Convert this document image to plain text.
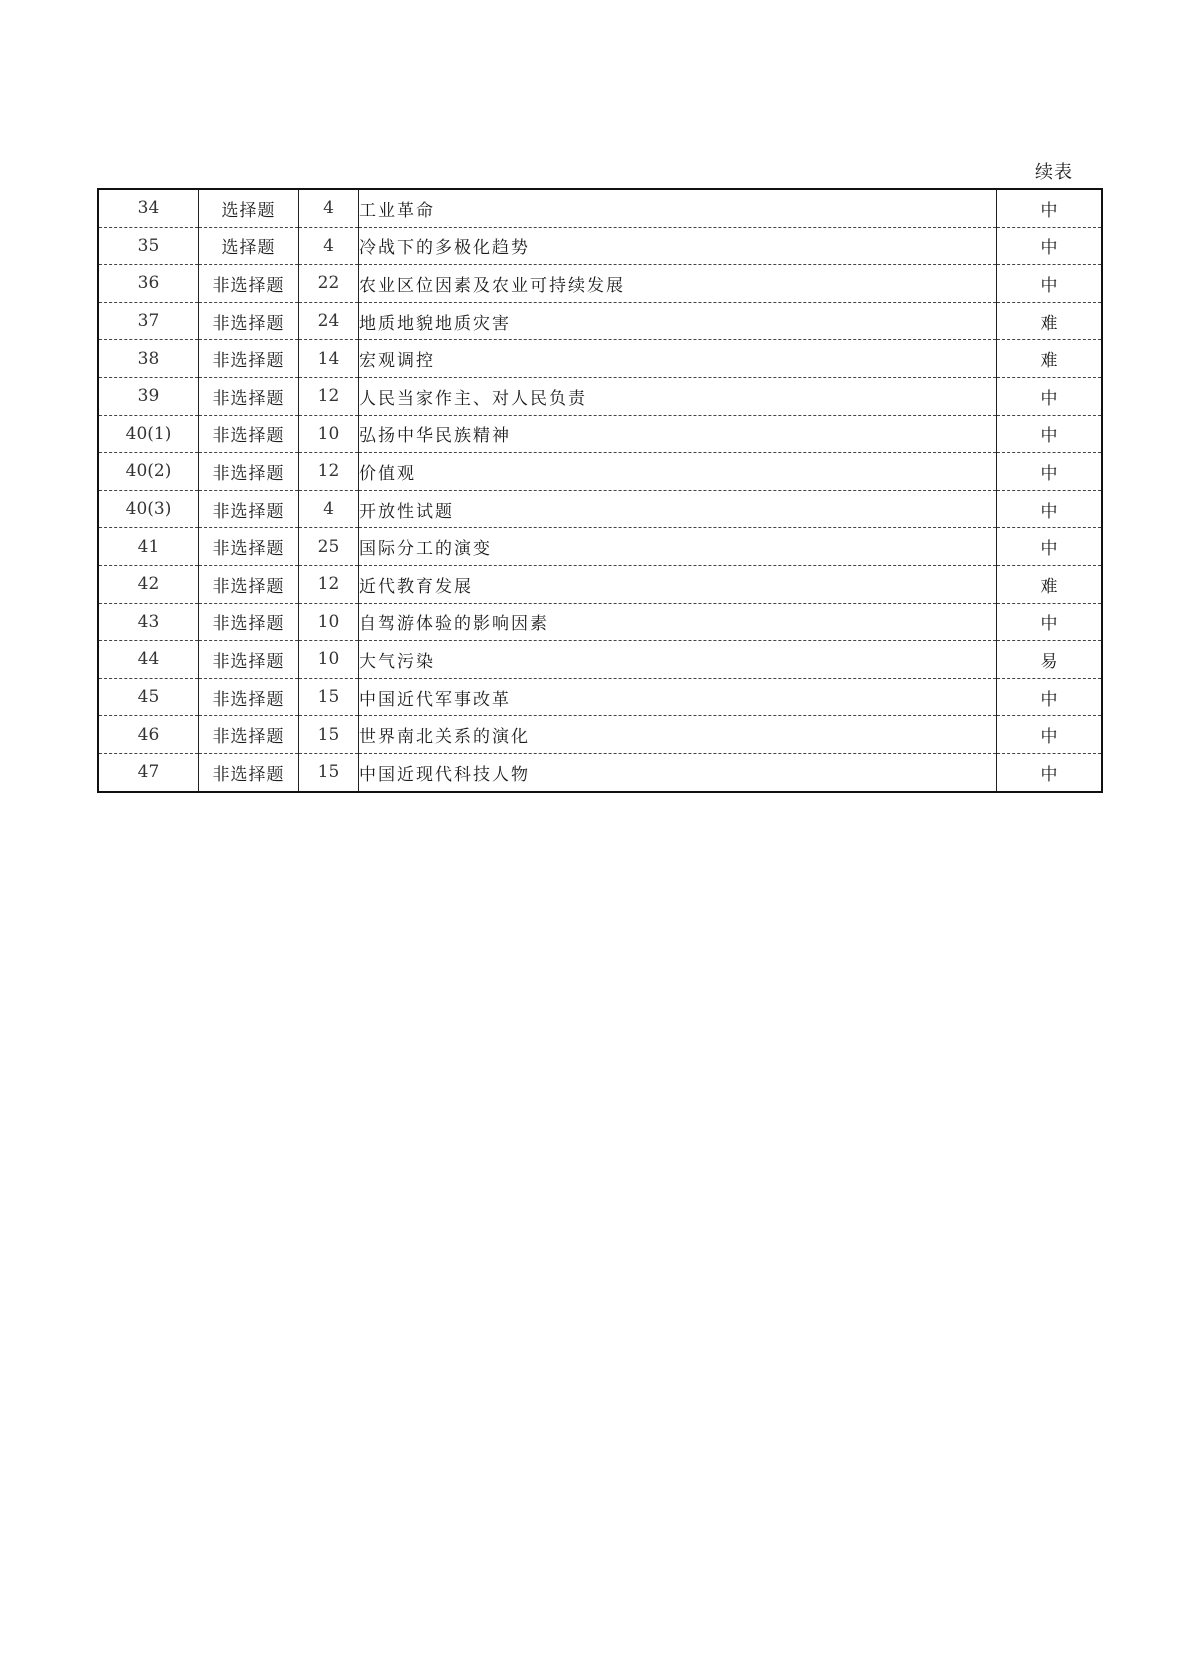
续表
34	选择题	4	工业革命	中
35	选择题	4	冷战下的多极化趋势	中
36	非选择题	22	农业区位因素及农业可持续发展	中
37	非选择题	24	地质地貌地质灾害	难
38	非选择题	14	宏观调控	难
39	非选择题	12	人民当家作主、对人民负责	中
40(1)	非选择题	10	弘扬中华民族精神	中
40(2)	非选择题	12	价值观	中
40(3)	非选择题	4	开放性试题	中
41	非选择题	25	国际分工的演变	中
42	非选择题	12	近代教育发展	难
43	非选择题	10	自驾游体验的影响因素	中
44	非选择题	10	大气污染	易
45	非选择题	15	中国近代军事改革	中
46	非选择题	15	世界南北关系的演化	中
47	非选择题	15	中国近现代科技人物	中
